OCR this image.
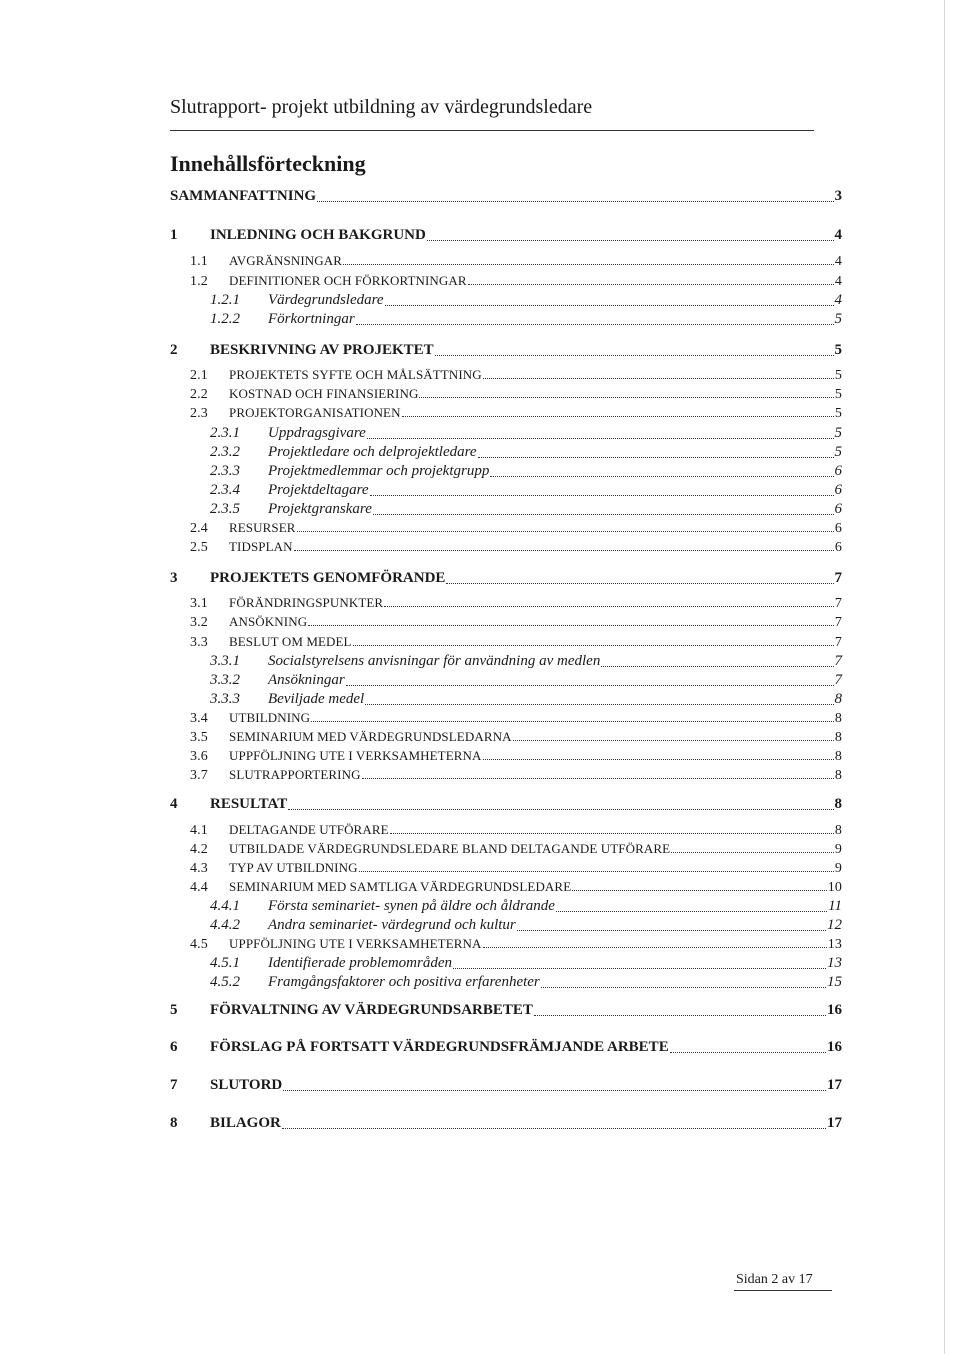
Slutrapport- projekt utbildning av värdegrundsledare
Innehållsförteckning
SAMMANFATTNING	3
1	INLEDNING OCH BAKGRUND	4
1.1	AVGRÄNSNINGAR	4
1.2	DEFINITIONER OCH FÖRKORTNINGAR	4
1.2.1	Värdegrundsledare	4
1.2.2	Förkortningar	5
2	BESKRIVNING AV PROJEKTET	5
2.1	PROJEKTETS SYFTE OCH MÅLSÄTTNING	5
2.2	KOSTNAD OCH FINANSIERING	5
2.3	PROJEKTORGANISATIONEN	5
2.3.1	Uppdragsgivare	5
2.3.2	Projektledare och delprojektledare	5
2.3.3	Projektmedlemmar och projektgrupp	6
2.3.4	Projektdeltagare	6
2.3.5	Projektgranskare	6
2.4	RESURSER	6
2.5	TIDSPLAN	6
3	PROJEKTETS GENOMFÖRANDE	7
3.1	FÖRÄNDRINGSPUNKTER	7
3.2	ANSÖKNING	7
3.3	BESLUT OM MEDEL	7
3.3.1	Socialstyrelsens anvisningar för användning av medlen	7
3.3.2	Ansökningar	7
3.3.3	Beviljade medel	8
3.4	UTBILDNING	8
3.5	SEMINARIUM MED VÄRDEGRUNDSLEDARNA	8
3.6	UPPFÖLJNING UTE I VERKSAMHETERNA	8
3.7	SLUTRAPPORTERING	8
4	RESULTAT	8
4.1	DELTAGANDE UTFÖRARE	8
4.2	UTBILDADE VÄRDEGRUNDSLEDARE BLAND DELTAGANDE UTFÖRARE	9
4.3	TYP AV UTBILDNING	9
4.4	SEMINARIUM MED SAMTLIGA VÄRDEGRUNDSLEDARE	10
4.4.1	Första seminariet- synen på äldre och åldrande	11
4.4.2	Andra seminariet- värdegrund och kultur	12
4.5	UPPFÖLJNING UTE I VERKSAMHETERNA	13
4.5.1	Identifierade problemområden	13
4.5.2	Framgångsfaktorer och positiva erfarenheter	15
5	FÖRVALTNING AV VÄRDEGRUNDSARBETET	16
6	FÖRSLAG PÅ FORTSATT VÄRDEGRUNDSFRÄMJANDE ARBETE	16
7	SLUTORD	17
8	BILAGOR	17
Sidan 2 av 17
